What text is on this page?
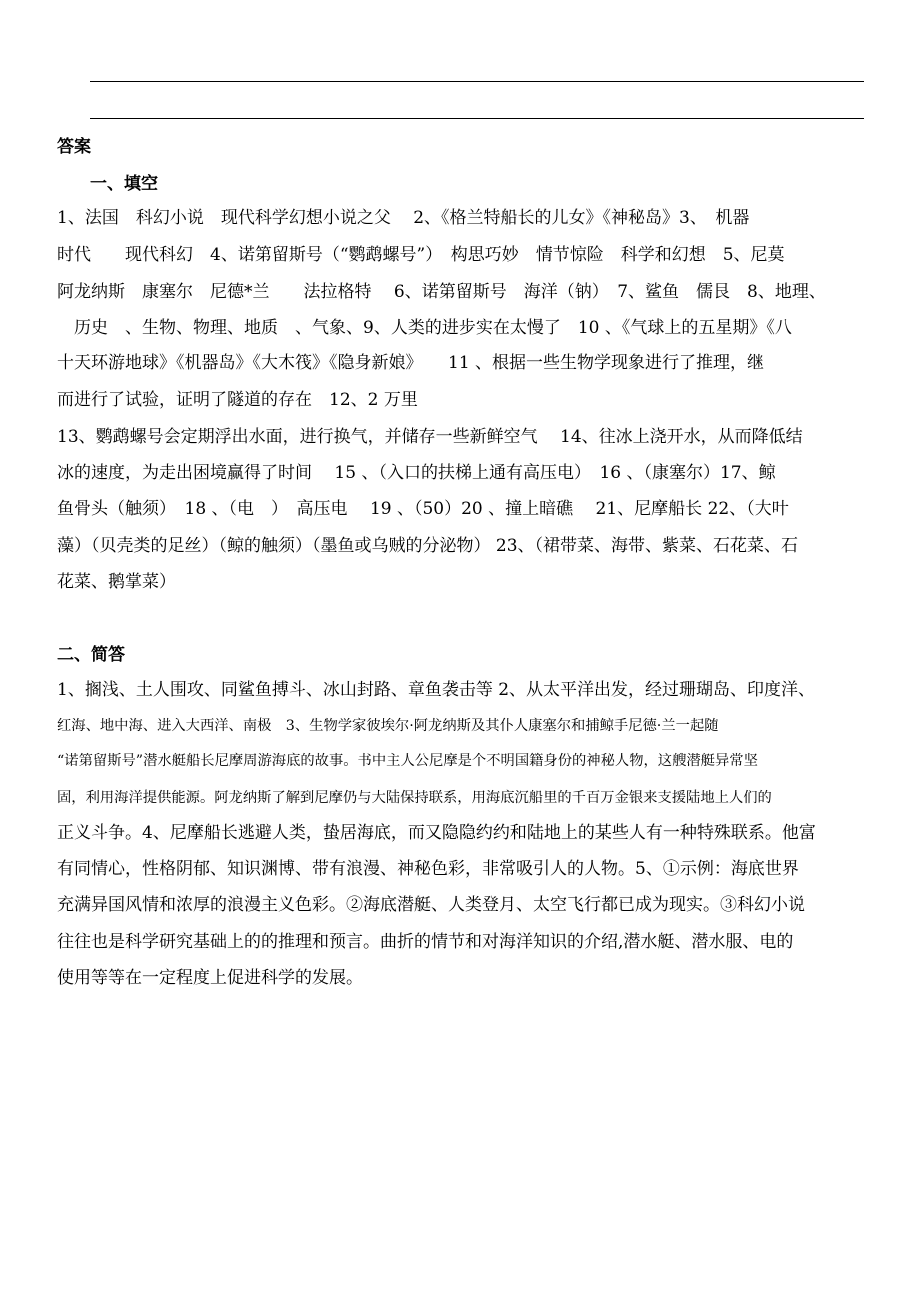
答案
一、填空
1、法国　科幻小说　现代科学幻想小说之父　 2、《格兰特船长的儿女》《神秘岛》3、　机器
时代　　现代科幻　4、诺第留斯号（“鹦鹉螺号”）　构思巧妙　情节惊险　科学和幻想　5、尼莫
阿龙纳斯　康塞尔　尼德*兰　　法拉格特　 6、诺第留斯号　海洋（钠）　7、鲨鱼　儒艮　8、地理、
　历史　、生物、物理、地质　、气象、9、人类的进步实在太慢了　10 、《气球上的五星期》《八
十天环游地球》《机器岛》《大木筏》《隐身新娘》　　11 、根据一些生物学现象进行了推理，继
而进行了试验，证明了隧道的存在　12、2 万里
13、鹦鹉螺号会定期浮出水面，进行换气，并储存一些新鲜空气　 14、往冰上浇开水，从而降低结
冰的速度，为走出困境赢得了时间　 15 、（入口的扶梯上通有高压电）　16 、（康塞尔）17、鲸
鱼骨头（触须）　18 、（电　）　高压电　 19 、（50）20 、撞上暗礁　 21、尼摩船长 22、（大叶
藻）（贝壳类的足丝）（鲸的触须）（墨鱼或乌贼的分泌物） 23、（裙带菜、海带、紫菜、石花菜、石
花菜、鹅掌菜）
二、简答
1、搁浅、土人围攻、同鲨鱼搏斗、冰山封路、章鱼袭击等 2、从太平洋出发，经过珊瑚岛、印度洋、
红海、地中海、进入大西洋、南极　3、生物学家彼埃尔·阿龙纳斯及其仆人康塞尔和捕鲸手尼德·兰一起随
“诺第留斯号”潜水艇船长尼摩周游海底的故事。书中主人公尼摩是个不明国籍身份的神秘人物，这艘潜艇异常坚
固，利用海洋提供能源。阿龙纳斯了解到尼摩仍与大陆保持联系，用海底沉船里的千百万金银来支援陆地上人们的
正义斗争。4、尼摩船长逃避人类，蛰居海底，而又隐隐约约和陆地上的某些人有一种特殊联系。他富
有同情心，性格阴郁、知识渊博、带有浪漫、神秘色彩，非常吸引人的人物。5、①示例：海底世界
充满异国风情和浓厚的浪漫主义色彩。②海底潜艇、人类登月、太空飞行都已成为现实。③科幻小说
往往也是科学研究基础上的的推理和预言。曲折的情节和对海洋知识的介绍,潜水艇、潜水服、电的
使用等等在一定程度上促进科学的发展。
